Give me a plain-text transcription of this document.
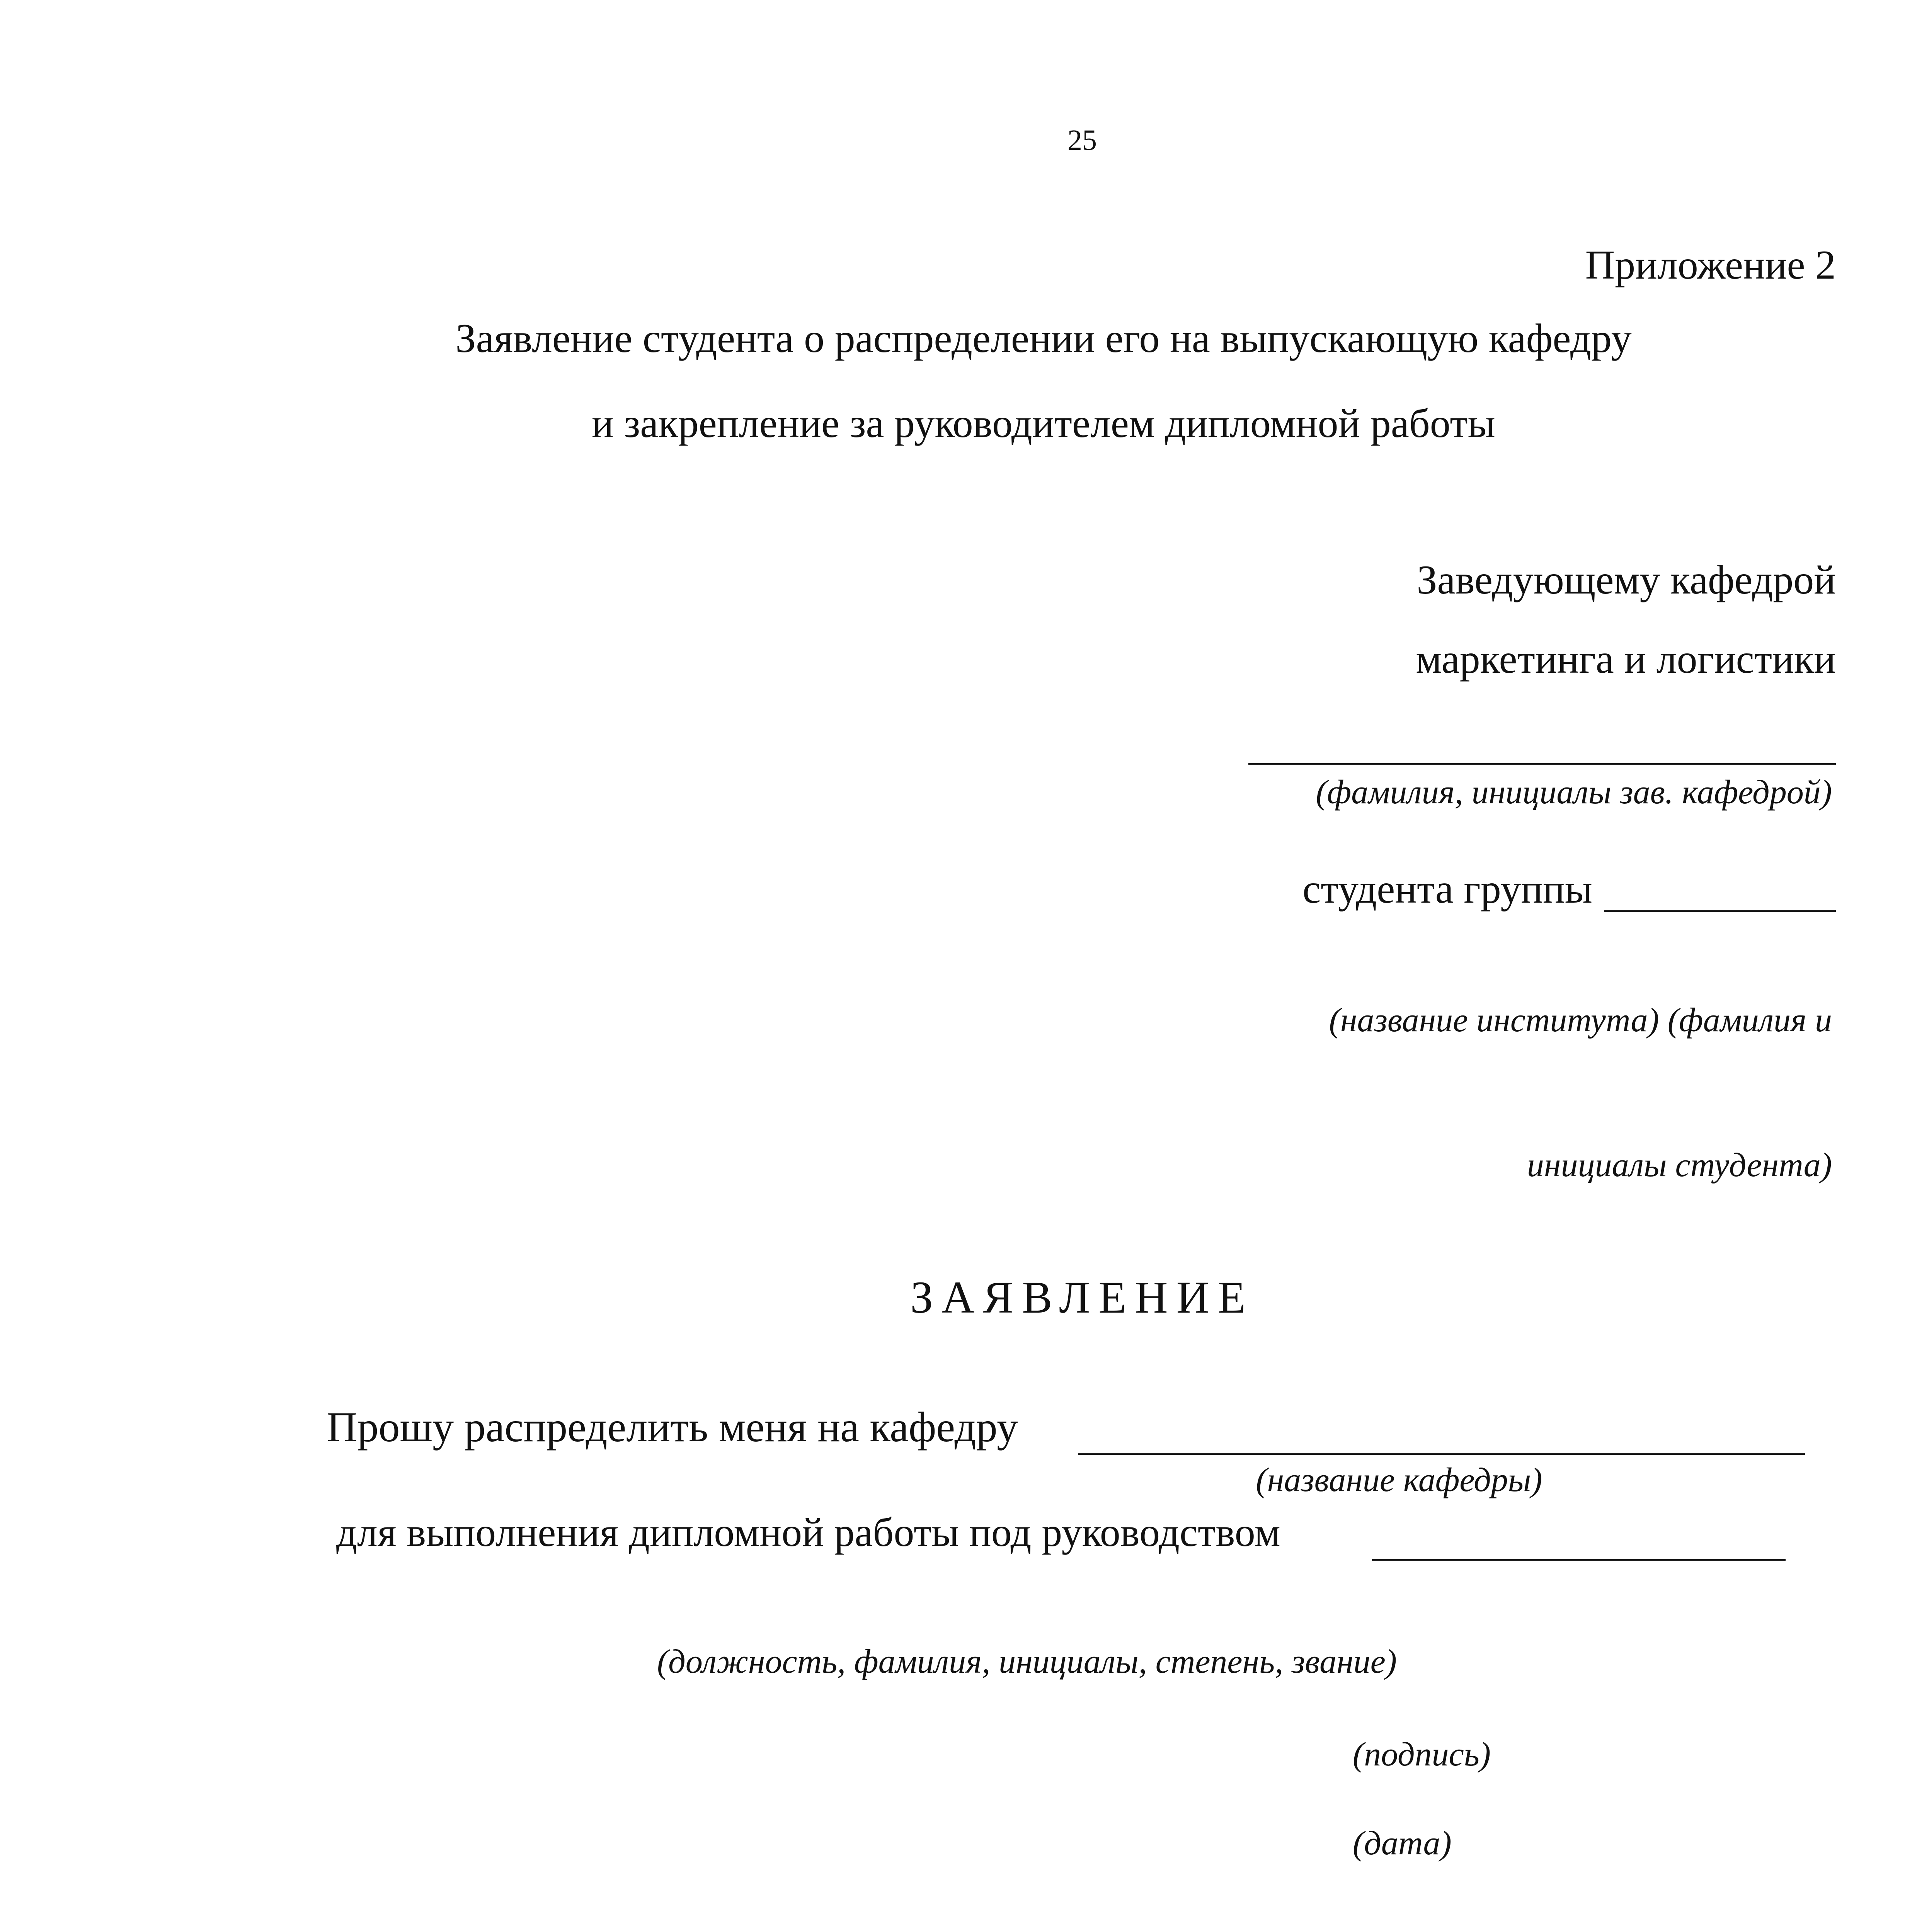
25
Приложение 2
Заявление студента о распределении его на выпускающую кафедру
и закрепление за руководителем дипломной работы
Заведующему кафедрой
маркетинга и логистики
(фамилия, инициалы зав. кафедрой)
студента группы
(название института) (фамилия и
инициалы студента)
ЗАЯВЛЕНИЕ
Прошу распределить меня на кафедру
(название кафедры)
для выполнения дипломной работы под руководством
(должность, фамилия, инициалы, степень, звание)
(подпись)
(дата)
